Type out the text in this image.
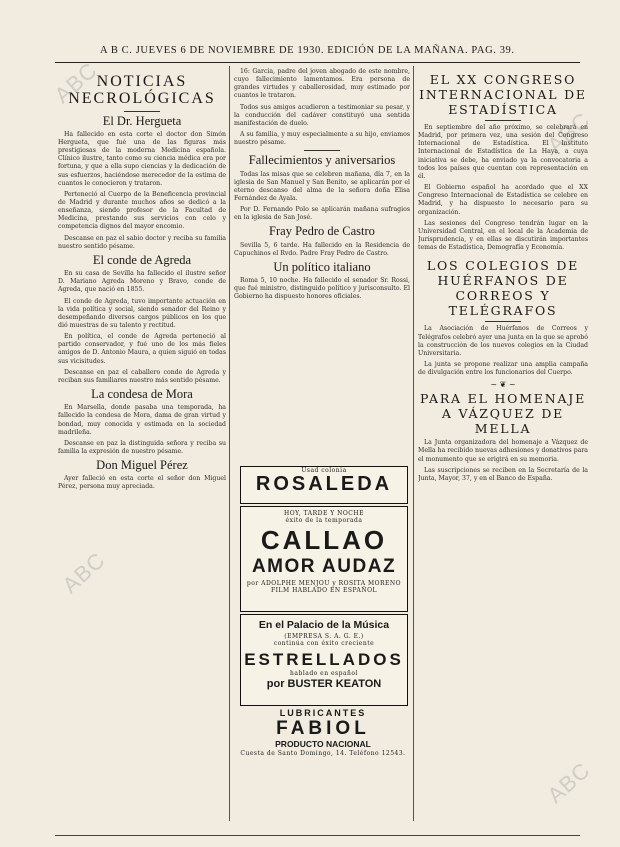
ABC
ABC
ABC
ABC
A B C. JUEVES 6 DE NOVIEMBRE DE 1930. EDICIÓN DE LA MAÑANA. PAG. 39.
NOTICIAS NECROLÓGICAS
El Dr. Hergueta

Ha fallecido en esta corte el doctor don Simón Hergueta, que fué una de las figuras más prestigiosas de la moderna Medicina española. Clínico ilustre, tanto como su ciencia médica era por fortuna, y que a ella supo ciencias y la dedicación de sus esfuerzos, haciéndose merecedor de la estima de cuantos le conocieron y trataron.

Perteneció al Cuerpo de la Beneficencia provincial de Madrid y durante muchos años se dedicó a la enseñanza, siendo profesor de la Facultad de Medicina, prestando sus servicios con celo y competencia dignos del mayor encomio.

Descanse en paz el sabio doctor y reciba su familia nuestro sentido pésame.

El conde de Agreda

En su casa de Sevilla ha fallecido el ilustre señor D. Mariano Agreda Moreno y Bravo, conde de Agreda, que nació en 1855.

El conde de Agreda, tuvo importante actuación en la vida política y social, siendo senador del Reino y desempeñando diversos cargos públicos en los que dió muestras de su talento y rectitud.

En política, el conde de Agreda perteneció al partido conservador, y fué uno de los más fieles amigos de D. Antonio Maura, a quien siguió en todas sus vicisitudes.

Descanse en paz el caballero conde de Agreda y reciban sus familiares nuestro más sentido pésame.

La condesa de Mora

En Marsella, donde pasaba una temporada, ha fallecido la condesa de Mora, dama de gran virtud y bondad, muy conocida y estimada en la sociedad madrileña.

Descanse en paz la distinguida señora y reciba su familia la expresión de nuestro pésame.

Don Miguel Pérez

Ayer falleció en esta corte el señor don Miguel Pérez, persona muy apreciada.

16: García, padre del joven abogado de este nombre, cuyo fallecimiento lamentamos. Era persona de grandes virtudes y caballerosidad, muy estimado por cuantos le trataron.

Todos sus amigos acudieron a testimoniar su pesar, y la conducción del cadáver constituyó una sentida manifestación de duelo.

A su familia, y muy especialmente a su hijo, enviamos nuestro pésame.

Fallecimientos y aniversarios

Todas las misas que se celebren mañana, día 7, en la iglesia de San Manuel y San Benito, se aplicarán por el eterno descanso del alma de la señora doña Elisa Fernández de Ayala.

Por D. Fernando Polo se aplicarán mañana sufragios en la iglesia de San José.

Fray Pedro de Castro

Sevilla 5, 6 tarde. Ha fallecido en la Residencia de Capuchinos el Rvdo. Padre Fray Pedro de Castro.

Un político italiano

Roma 5, 10 noche. Ha fallecido el senador Sr. Rossi, que fué ministro, distinguido político y jurisconsulto. El Gobierno ha dispuesto honores oficiales.

Usad colonia
ROSALEDA
HOY, TARDE Y NOCHE
éxito de la temporada
CALLAO
AMOR AUDAZ
por ADOLPHE MENJOU y ROSITA MORENO
FILM HABLADO EN ESPAÑOL
En el Palacio de la Música
(EMPRESA S. A. G. E.)
continúa con éxito creciente
ESTRELLADOS
hablado en español
por BUSTER KEATON
LUBRICANTES
FABIOL
PRODUCTO NACIONAL
Cuesta de Santo Domingo, 14. Teléfono 12543.
EL XX CONGRESO INTERNACIONAL DE ESTADÍSTICA

En septiembre del año próximo, se celebrará en Madrid, por primera vez, una sesión del Congreso Internacional de Estadística. El Instituto Internacional de Estadística de La Haya, a cuya iniciativa se debe, ha enviado ya la convocatoria a todos los países que cuentan con representación en él.

El Gobierno español ha acordado que el XX Congreso Internacional de Estadística se celebre en Madrid, y ha dispuesto lo necesario para su organización.

Las sesiones del Congreso tendrán lugar en la Universidad Central, en el local de la Academia de Jurisprudencia, y en ellas se discutirán importantes temas de Estadística, Demografía y Economía.

LOS COLEGIOS DE HUÉRFANOS DE CORREOS Y TELÉGRAFOS

La Asociación de Huérfanos de Correos y Telégrafos celebró ayer una junta en la que se aprobó la construcción de los nuevos colegios en la Ciudad Universitaria.

La junta se propone realizar una amplia campaña de divulgación entre los funcionarios del Cuerpo.

~ ❦ ~
PARA EL HOMENAJE A VÁZQUEZ DE MELLA

La Junta organizadora del homenaje a Vázquez de Mella ha recibido nuevas adhesiones y donativos para el monumento que se erigirá en su memoria.

Las suscripciones se reciben en la Secretaría de la Junta, Mayor, 37, y en el Banco de España.
